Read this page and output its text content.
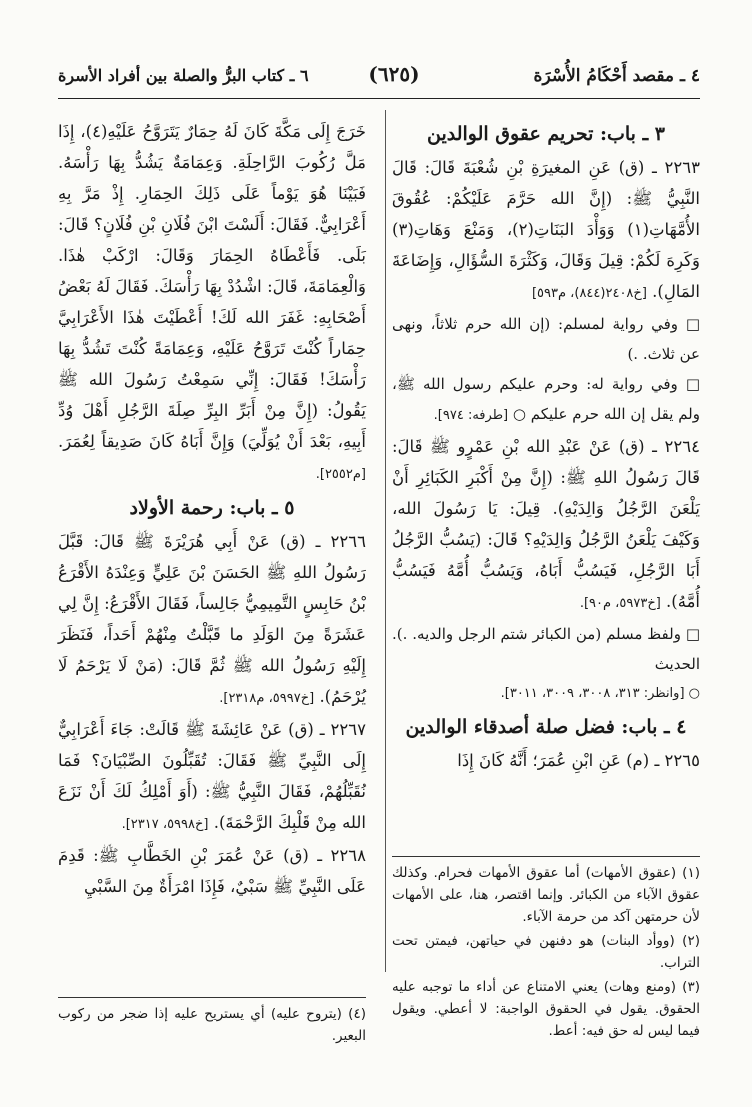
٤ ـ مقصد أَحْكَامُ الأُسْرَة
(٦٢٥)
٦ ـ كتاب البرُّ والصلة بين أفراد الأسرة

٣ ـ باب: تحريم عقوق الوالدين

٢٢٦٣ ـ (ق) عَنِ المغيرَةِ بْنِ شُعْبَةَ قَالَ: قَالَ النَّبِيُّ ﷺ: (إِنَّ الله حَرَّمَ عَلَيْكُمْ: عُقُوقَ الأُمَّهَاتِ(١) وَوَأْدَ البَنَاتِ(٢)، وَمَنْعَ وَهَاتِ(٣) وَكَرِهَ لَكُمْ: قِيلَ وَقَالَ، وَكَثْرَةَ السُّؤَالِ، وَإِضَاعَةَ المَالِ). [خ٢٤٠٨(٨٤٤)، م٥٩٣]

□ وفي رواية لمسلم: (إن الله حرم ثلاثاً، ونهى عن ثلاث. .)

□ وفي رواية له: وحرم عليكم رسول الله ﷺ، ولم يقل إن الله حرم عليكم ○ [طرفه: ٩٧٤].

٢٢٦٤ ـ (ق) عَنْ عَبْدِ الله بْنِ عَمْرٍو ﷺ قَالَ: قَالَ رَسُولُ اللهِ ﷺ: (إِنَّ مِنْ أَكْبَرِ الكَبَائِرِ أَنْ يَلْعَنَ الرَّجُلُ وَالِدَيْهِ). قِيلَ: يَا رَسُولَ الله، وَكَيْفَ يَلْعَنُ الرَّجُلُ وَالِدَيْهِ؟ قَالَ: (يَسُبُّ الرَّجُلُ أَبَا الرَّجُلِ، فَيَسُبُّ أَبَاهُ، وَيَسُبُّ أُمَّهُ فَيَسُبُّ أُمَّهُ). [خ٥٩٧٣، م٩٠].

□ ولفظ مسلم (من الكبائر شتم الرجل والديه. .). الحديث

○ [وانظر: ٣١٣، ٣٠٠٨، ٣٠٠٩، ٣٠١١].

٤ ـ باب: فضل صلة أصدقاء الوالدين

٢٢٦٥ ـ (م) عَنِ ابْنِ عُمَرَ؛ أَنَّهُ كَانَ إِذَا

خَرَجَ إِلَى مَكَّةَ كَانَ لَهُ حِمَارٌ يَتَرَوَّحُ عَلَيْهِ(٤)، إِذَا مَلَّ رُكُوبَ الرَّاحِلَةِ. وَعِمَامَةٌ يَشُدُّ بِهَا رَأْسَهُ. فَبَيْنَا هُوَ يَوْماً عَلَى ذَلِكَ الحِمَارِ. إِذْ مَرَّ بِهِ أَعْرَابِيٌّ. فَقَالَ: أَلَسْتَ ابْنَ فُلَانِ بْنِ فُلَانٍ؟ قَالَ: بَلَى. فَأَعْطَاهُ الحِمَارَ وَقَالَ: ارْكَبْ هٰذَا. وَالْعِمَامَةَ، قَالَ: اشْدُدْ بِهَا رَأْسَكَ. فَقَالَ لَهُ بَعْضُ أَصْحَابِهِ: غَفَرَ الله لَكَ! أَعْطَيْتَ هٰذَا الأَعْرَابِيَّ حِمَاراً كُنْتَ تَرَوَّحُ عَلَيْهِ، وَعِمَامَةً كُنْتَ تَشُدُّ بِهَا رَأْسَكَ! فَقَالَ: إِنِّي سَمِعْتُ رَسُولَ الله ﷺ يَقُولُ: (إِنَّ مِنْ أَبَرِّ البِرِّ صِلَةَ الرَّجُلِ أَهْلَ وُدِّ أَبِيهِ، بَعْدَ أَنْ يُوَلِّيَ) وَإِنَّ أَبَاهُ كَانَ صَدِيقاً لِعُمَرَ. [م٢٥٥٢].

٥ ـ باب: رحمة الأولاد

٢٢٦٦ ـ (ق) عَنْ أَبِي هُرَيْرَةَ ﷺ قَالَ: قَبَّلَ رَسُولُ اللهِ ﷺ الحَسَنَ بْنَ عَلِيٍّ وَعِنْدَهُ الأَقْرَعُ بْنُ حَابِسٍ التَّمِيمِيُّ جَالِساً، فَقَالَ الأَقْرَعُ: إِنَّ لِي عَشَرَةً مِنَ الوَلَدِ ما قَبَّلْتُ مِنْهُمْ أَحَداً، فَنَظَرَ إِلَيْهِ رَسُولُ الله ﷺ ثُمَّ قَالَ: (مَنْ لَا يَرْحَمُ لَا يُرْحَمُ). [خ٥٩٩٧، م٢٣١٨].

٢٢٦٧ ـ (ق) عَنْ عَائِشَةَ ﷺ قَالَتْ: جَاءَ أَعْرَابِيٌّ إِلَى النَّبِيِّ ﷺ فَقَالَ: تُقَبِّلُونَ الصِّبْيَانَ؟ فَمَا نُقَبِّلُهُمْ، فَقَالَ النَّبِيُّ ﷺ: (أَوَ أَمْلِكُ لَكَ أَنْ نَزَعَ الله مِنْ قَلْبِكَ الرَّحْمَةَ). [خ٥٩٩٨، ٢٣١٧].

٢٢٦٨ ـ (ق) عَنْ عُمَرَ بْنِ الخَطَّابِ ﷺ: قَدِمَ عَلَى النَّبِيِّ ﷺ سَبْيٌ، فَإِذَا امْرَأَةٌ مِنَ السَّبْيِ

(١) (عقوق الأمهات) أما عقوق الأمهات فحرام. وكذلك عقوق الآباء من الكبائر. وإنما اقتصر، هنا، على الأمهات لأن حرمتهن آكد من حرمة الآباء.

(٢) (ووأد البنات) هو دفنهن في حياتهن، فيمتن تحت التراب.

(٣) (ومنع وهات) يعني الامتناع عن أداء ما توجبه عليه الحقوق. يقول في الحقوق الواجبة: لا أعطي. ويقول فيما ليس له حق فيه: أعط.

(٤) (يتروح عليه) أي يستريح عليه إذا ضجر من ركوب البعير.
